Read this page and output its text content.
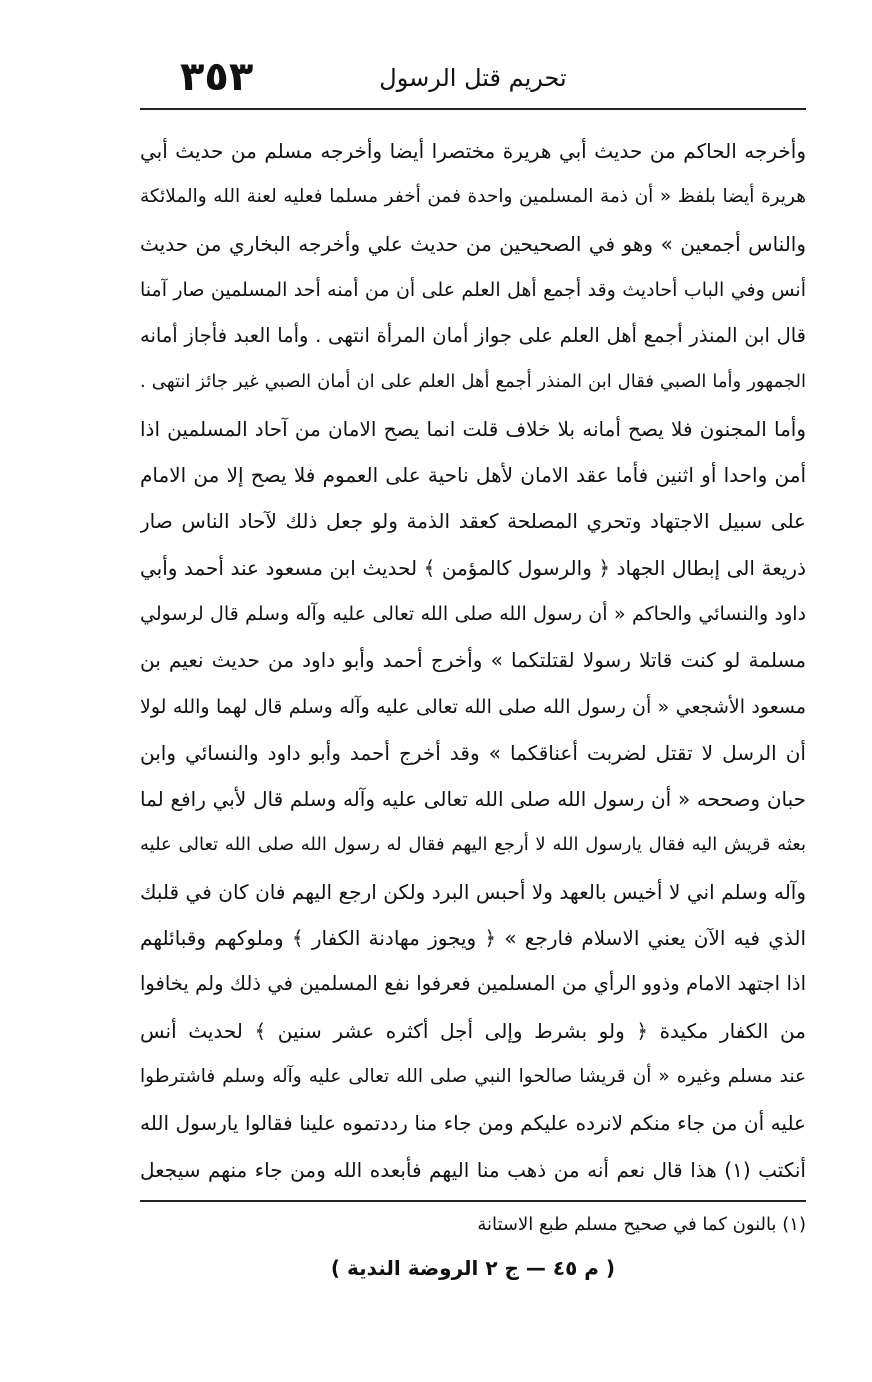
٣٥٣	تحريم قتل الرسول
وأخرجه الحاكم من حديث أبي هريرة مختصرا أيضا وأخرجه مسلم من حديث أبي
هريرة أيضا بلفظ « أن ذمة المسلمين واحدة فمن أخفر مسلما فعليه لعنة الله والملائكة
والناس أجمعين » وهو في الصحيحين من حديث علي وأخرجه البخاري من حديث
أنس وفي الباب أحاديث وقد أجمع أهل العلم على أن من أمنه أحد المسلمين صار آمنا
قال ابن المنذر أجمع أهل العلم على جواز أمان المرأة انتهى . وأما العبد فأجاز أمانه
الجمهور وأما الصبي فقال ابن المنذر أجمع أهل العلم على ان أمان الصبي غير جائز انتهى .
وأما المجنون فلا يصح أمانه بلا خلاف قلت انما يصح الامان من آحاد المسلمين اذا
أمن واحدا أو اثنين فأما عقد الامان لأهل ناحية على العموم فلا يصح إلا من الامام
على سبيل الاجتهاد وتحري المصلحة كعقد الذمة ولو جعل ذلك لآحاد الناس صار
ذريعة الى إبطال الجهاد ﴿ والرسول كالمؤمن ﴾ لحديث ابن مسعود عند أحمد وأبي
داود والنسائي والحاكم « أن رسول الله صلى الله تعالى عليه وآله وسلم قال لرسولي
مسلمة لو كنت قاتلا رسولا لقتلتكما » وأخرج أحمد وأبو داود من حديث نعيم بن
مسعود الأشجعي « أن رسول الله صلى الله تعالى عليه وآله وسلم قال لهما والله لولا
أن الرسل لا تقتل لضربت أعناقكما » وقد أخرج أحمد وأبو داود والنسائي وابن
حبان وصححه « أن رسول الله صلى الله تعالى عليه وآله وسلم قال لأبي رافع لما
بعثه قريش اليه فقال يارسول الله لا أرجع اليهم فقال له رسول الله صلى الله تعالى عليه
وآله وسلم اني لا أخيس بالعهد ولا أحبس البرد ولكن ارجع اليهم فان كان في قلبك
الذي فيه الآن يعني الاسلام فارجع » ﴿ ويجوز مهادنة الكفار ﴾ وملوكهم وقبائلهم
اذا اجتهد الامام وذوو الرأي من المسلمين فعرفوا نفع المسلمين في ذلك ولم يخافوا
من الكفار مكيدة ﴿ ولو بشرط وإلى أجل أكثره عشر سنين ﴾ لحديث أنس
عند مسلم وغيره « أن قريشا صالحوا النبي صلى الله تعالى عليه وآله وسلم فاشترطوا
عليه أن من جاء منكم لانرده عليكم ومن جاء منا رددتموه علينا فقالوا يارسول الله
أنكتب (١) هذا قال نعم أنه من ذهب منا اليهم فأبعده الله ومن جاء منهم سيجعل
(١) بالنون كما في صحيح مسلم طبع الاستانة
( م ٤٥ — ج ٢ الروضة الندية )
